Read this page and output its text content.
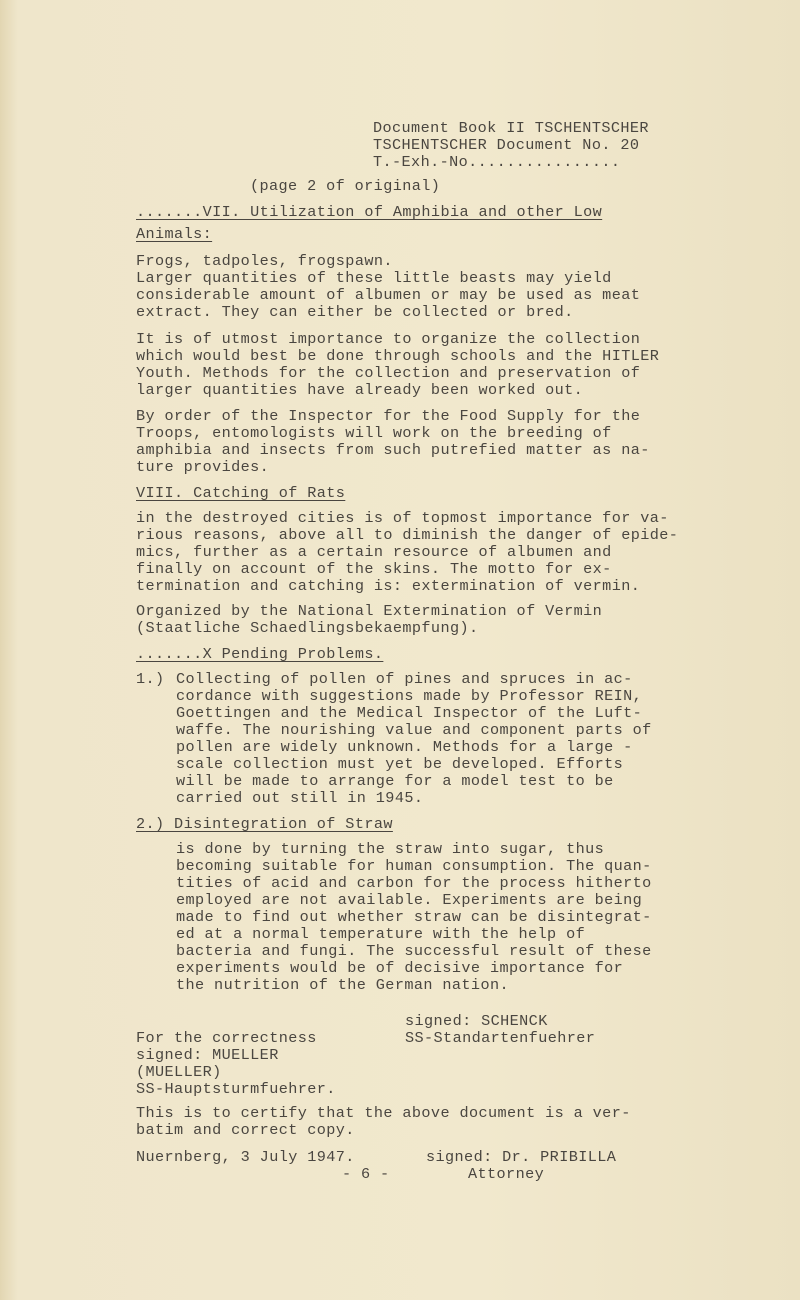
Document Book II TSCHENTSCHER
TSCHENTSCHER Document No. 20
T.-Exh.-No................
(page 2 of original)
.......VII. Utilization of Amphibia and other Low
Animals:
Frogs, tadpoles, frogspawn.
Larger quantities of these little beasts may yield
considerable amount of albumen or may be used as meat
extract. They can either be collected or bred.
It is of utmost importance to organize the collection
which would best be done through schools and the HITLER
Youth. Methods for the collection and preservation of
larger quantities have already been worked out.
By order of the Inspector for the Food Supply for the
Troops, entomologists will work on the breeding of
amphibia and insects from such putrefied matter as na-
ture provides.
VIII. Catching of Rats
in the destroyed cities is of topmost importance for va-
rious reasons, above all to diminish the danger of epide-
mics, further as a certain resource of albumen and
finally on account of the skins. The motto for ex-
termination and catching is: extermination of vermin.
Organized by the National Extermination of Vermin
(Staatliche Schaedlingsbekaempfung).
.......X Pending Problems.
1.) Collecting of pollen of pines and spruces in ac-
cordance with suggestions made by Professor REIN,
Goettingen and the Medical Inspector of the Luft-
waffe. The nourishing value and component parts of
pollen are widely unknown. Methods for a large -
scale collection must yet be developed. Efforts
will be made to arrange for a model test to be
carried out still in 1945.
2.) Disintegration of Straw
is done by turning the straw into sugar, thus
becoming suitable for human consumption. The quan-
tities of acid and carbon for the process hitherto
employed are not available. Experiments are being
made to find out whether straw can be disintegrat-
ed at a normal temperature with the help of
bacteria and fungi. The successful result of these
experiments would be of decisive importance for
the nutrition of the German nation.
signed: SCHENCK
For the correctness	SS-Standartenfuehrer
signed: MUELLER
(MUELLER)
SS-Hauptsturmfuehrer.
This is to certify that the above document is a ver-
batim and correct copy.
Nuernberg, 3 July 1947.	signed: Dr. PRIBILLA
- 6 -	Attorney
